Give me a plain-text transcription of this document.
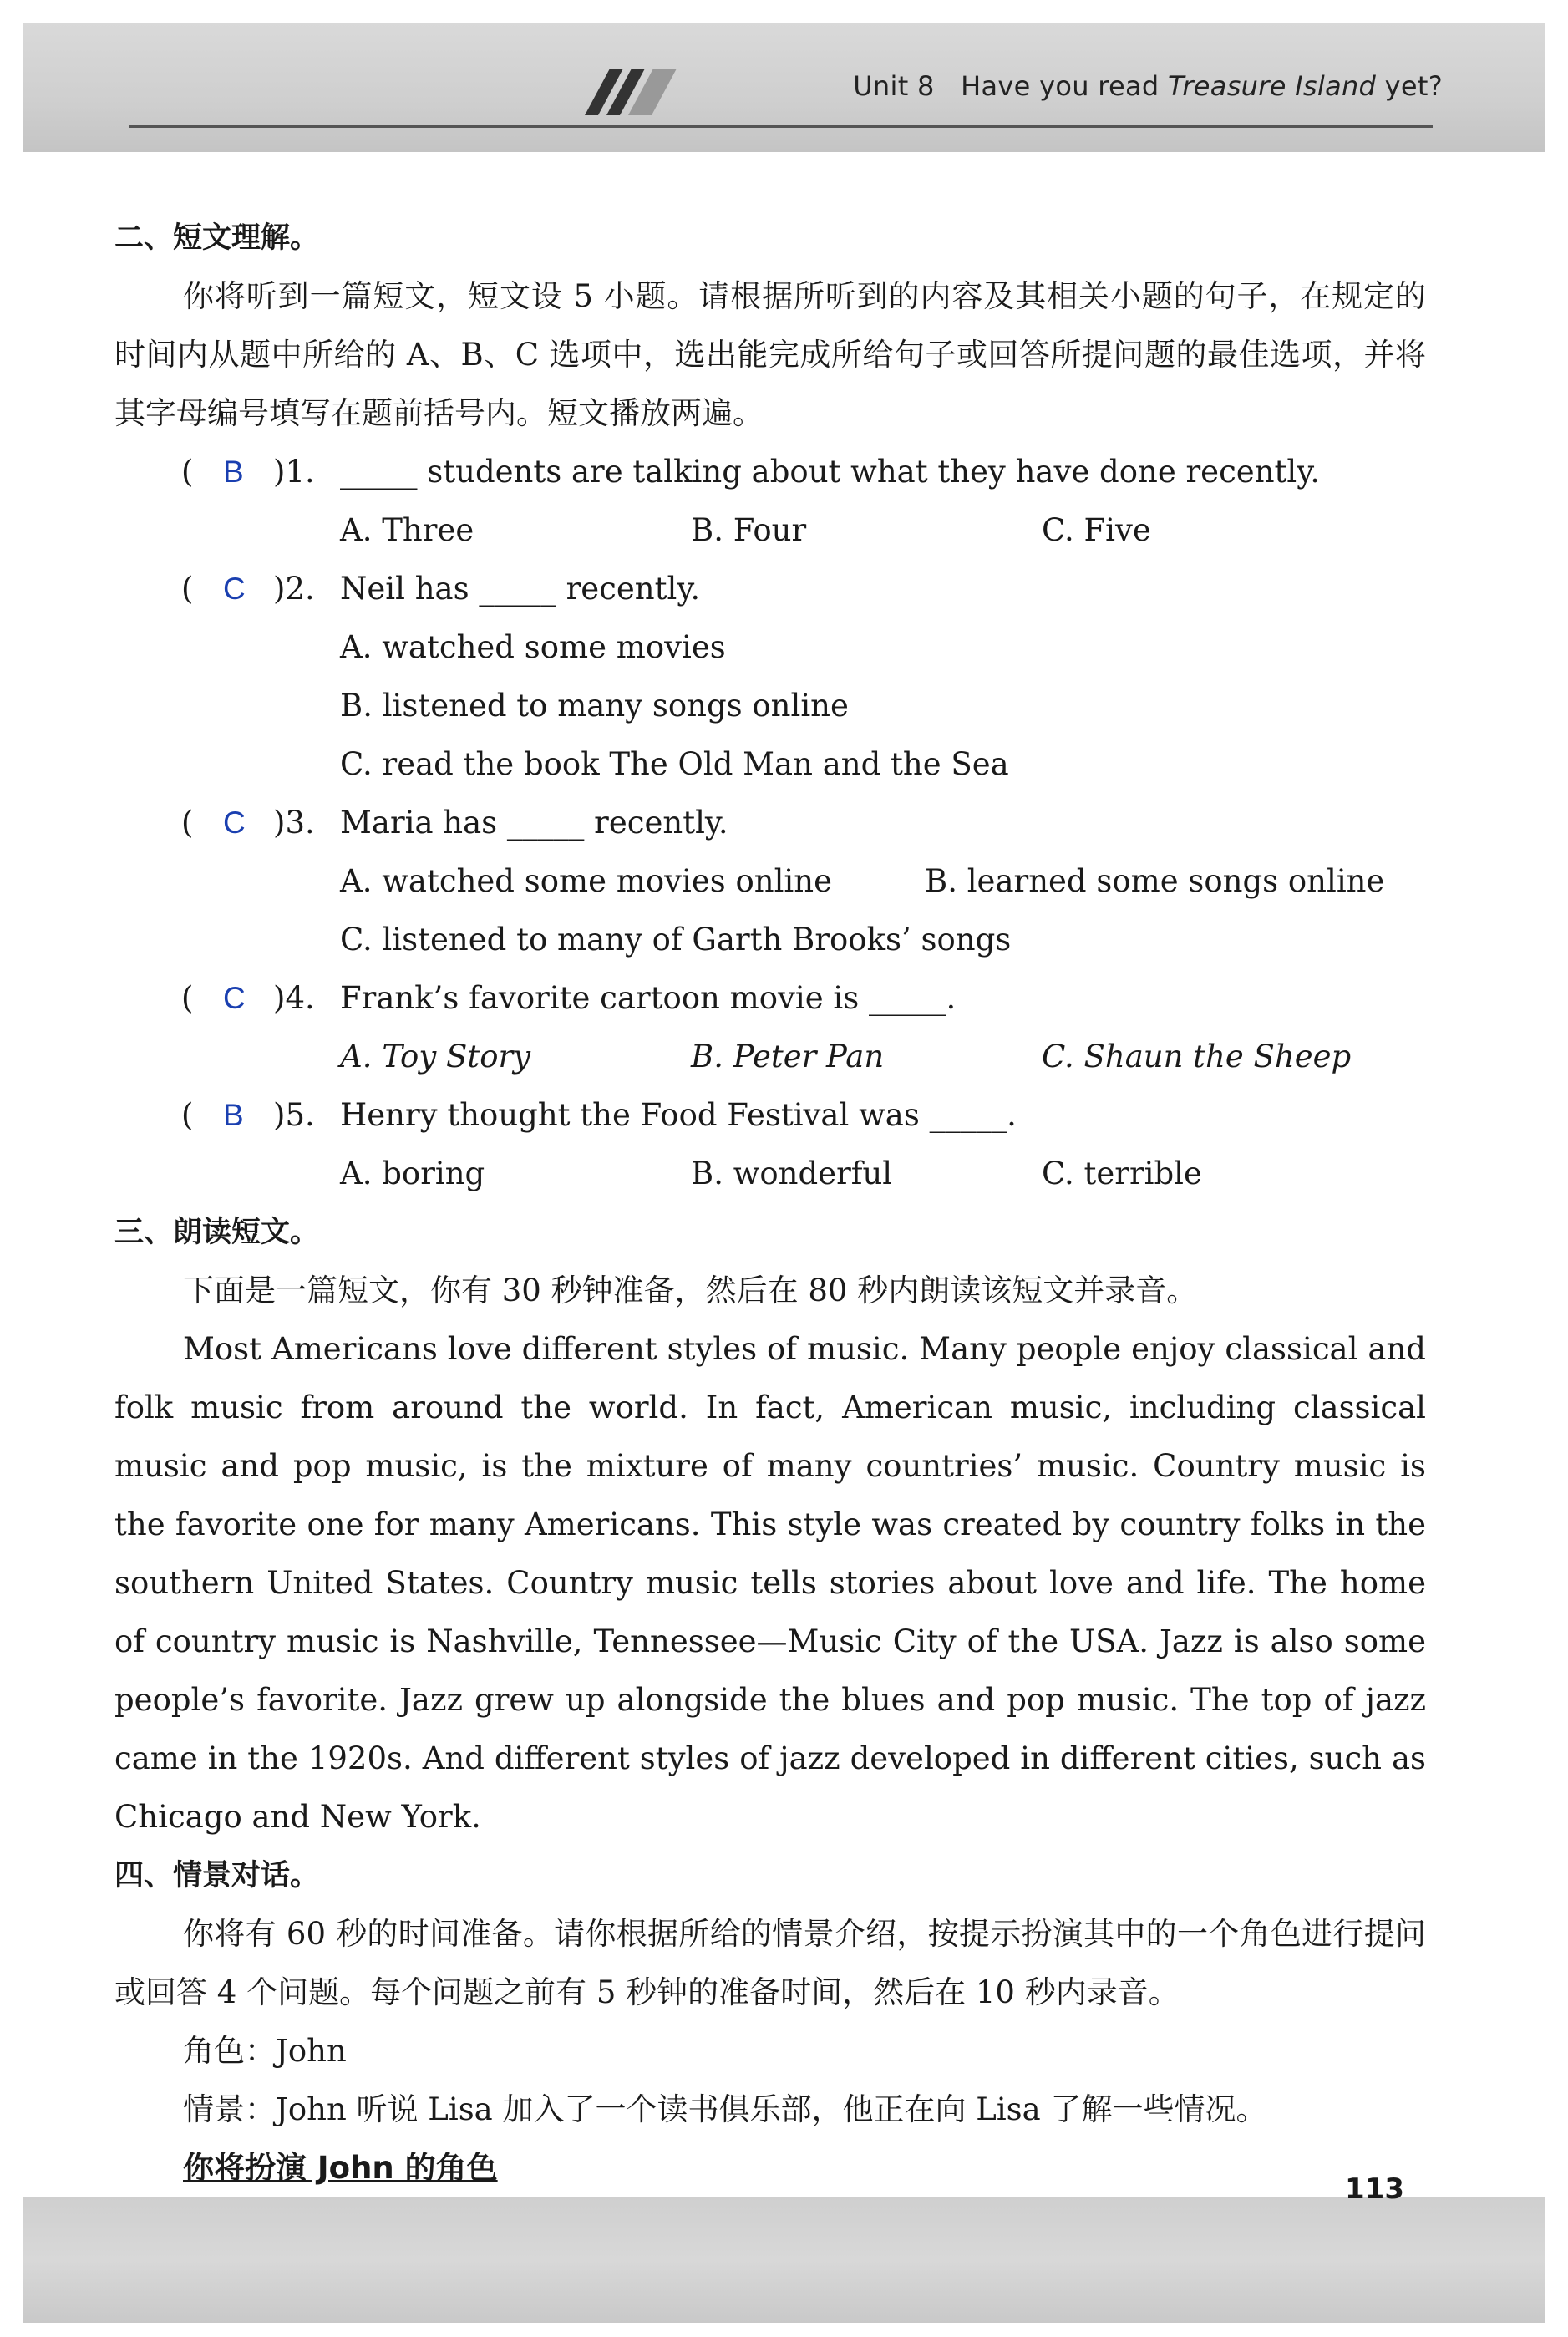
Unit 8 Have you read Treasure Island yet?
二、短文理解。
你将听到一篇短文，短文设 5 小题。请根据所听到的内容及其相关小题的句子，在规定的时间内从题中所给的 A、B、C 选项中，选出能完成所给句子或回答所提问题的最佳选项，并将其字母编号填写在题前括号内。短文播放两遍。
( B )1. _____ students are talking about what they have done recently.
A. Three	B. Four	C. Five
( C )2. Neil has _____ recently.
A. watched some movies
B. listened to many songs online
C. read the book The Old Man and the Sea
( C )3. Maria has _____ recently.
A. watched some movies online	B. learned some songs online
C. listened to many of Garth Brooks’ songs
( C )4. Frank’s favorite cartoon movie is _____.
A. Toy Story	B. Peter Pan	C. Shaun the Sheep
( B )5. Henry thought the Food Festival was _____.
A. boring	B. wonderful	C. terrible
三、朗读短文。
下面是一篇短文，你有 30 秒钟准备，然后在 80 秒内朗读该短文并录音。
Most Americans love different styles of music. Many people enjoy classical and folk music from around the world. In fact, American music, including classical music and pop music, is the mixture of many countries’ music. Country music is the favorite one for many Americans. This style was created by country folks in the southern United States. Country music tells stories about love and life. The home of country music is Nashville, Tennessee—Music City of the USA. Jazz is also some people’s favorite. Jazz grew up alongside the blues and pop music. The top of jazz came in the 1920s. And different styles of jazz developed in different cities, such as Chicago and New York.
四、情景对话。
你将有 60 秒的时间准备。请你根据所给的情景介绍，按提示扮演其中的一个角色进行提问或回答 4 个问题。每个问题之前有 5 秒钟的准备时间，然后在 10 秒内录音。
角色：John
情景：John 听说 Lisa 加入了一个读书俱乐部，他正在向 Lisa 了解一些情况。
你将扮演 John 的角色
113
